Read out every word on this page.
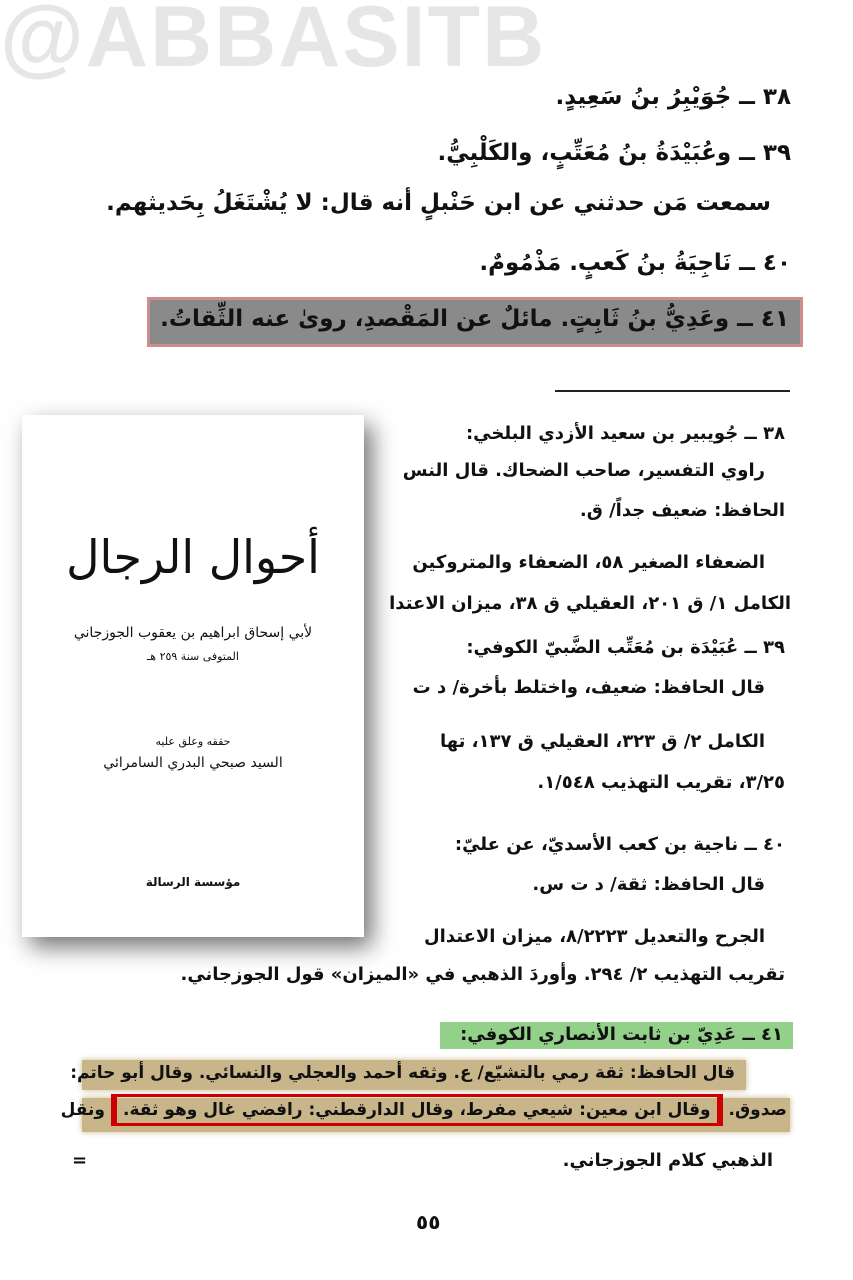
@ABBASITB
٣٨ ــ جُوَيْبِرُ بنُ سَعِيدٍ.
٣٩ ــ وعُبَيْدَةُ بنُ مُعَتِّبٍ، والكَلْبِيُّ.
سمعت مَن حدثني عن ابن حَنْبلٍ أنه قال: لا يُشْتَغَلُ بِحَديثهم.
٤٠ ــ نَاجِيَةُ بنُ كَعبٍ. مَذْمُومٌ.
٤١ ــ وعَدِيُّ بنُ ثَابِتٍ. مائلٌ عن المَقْصدِ، روىٰ عنه الثِّقاتُ.
٣٨ ــ جُويبير بن سعيد الأزدي البلخي:
راوي التفسير، صاحب الضحاك. قال النس
الحافظ: ضعيف جداً/ ق.
الضعفاء الصغير ٥٨، الضعفاء والمتروكين
الكامل ١/ ق ٢٠١، العقيلي ق ٣٨، ميزان الاعتدا
٣٩ ــ عُبَيْدَة بن مُعَتِّب الضَّبيّ الكوفي:
قال الحافظ: ضعيف، واختلط بأخرة/ د ت
الكامل ٢/ ق ٣٢٣، العقيلي ق ١٣٧، تها
٣/٢٥، تقريب التهذيب ١/٥٤٨.
٤٠ ــ ناجية بن كعب الأسديّ، عن عليّ:
قال الحافظ: ثقة/ د ت س.
الجرح والتعديل ٨/٢٢٢٣، ميزان الاعتدال
تقريب التهذيب ٢/ ٢٩٤. وأوردَ الذهبي في «الميزان» قول الجوزجاني.
٤١ ــ عَدِيّ بن ثابت الأنصاري الكوفي:
قال الحافظ: ثقة رمي بالتشيّع/ ع. وثقه أحمد والعجلي والنسائي. وقال أبو حاتم:
صدوق.وقال ابن معين: شيعي مفرط، وقال الدارقطني: رافضي غال وهو ثقة.ونقل
الذهبي كلام الجوزجاني.
=
٥٥
أحوال الرجال
لأبي إسحاق ابراهيم بن يعقوب الجوزجاني
المتوفى سنة ٢٥٩ هـ
حققه وعلق عليه
السيد صبحي البدري السامرائي
مؤسسة الرسالة
